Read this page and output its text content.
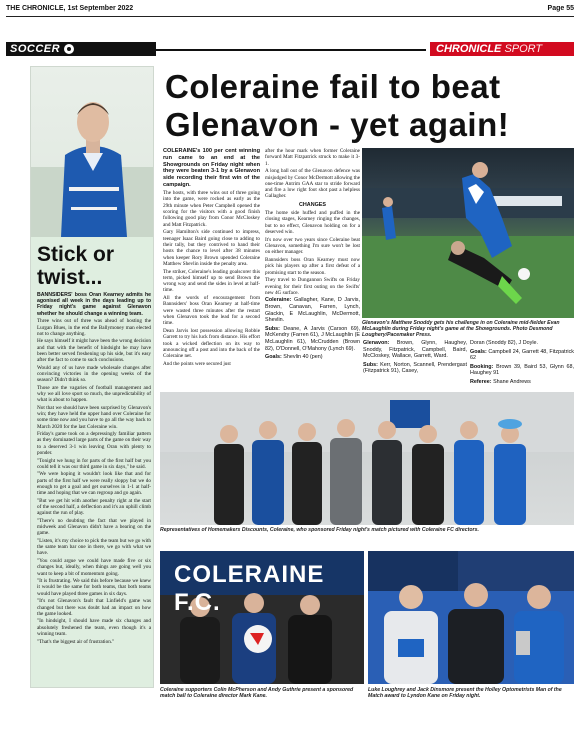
THE CHRONICLE, 1st September 2022	Page 55
SOCCER	CHRONICLE SPORT
Stick or twist...

BANNSIDERS' boss Oran Kearney admits he agonised all week in the days leading up to Friday night's game against Glenavon whether he should change a winning team.

Three wins out of three was ahead of hosting the Lurgan Blues, in the end the Ballymoney man elected not to change anything.

He says himself it might have been the wrong decision and that with the benefit of hindsight he may have been better served freshening up his side, but it's easy after the fact to come to such conclusions.

Would any of us have made wholesale changes after convincing victories in the opening weeks of the season? Didn't think so.

Those are the vagaries of football management and why we all love sport so much, the unpredictability of what is about to happen.

Not that we should have been surprised by Glenavon's win; they have held the upper hand over Coleraine for some time now and you have to go all the way back to March 2020 for the last Coleraine win.

Friday's game took on a depressingly familiar pattern as they dominated large parts of the game on their way to a deserved 3-1 win leaving Oran with plenty to ponder.

"Tonight we hung in for parts of the first half but you could tell it was our third game in six days," he said.

"We were hoping it wouldn't look like that and for parts of the first half we were really sloppy but we do enough to get a goal and get ourselves in 1-1 at half-time and hoping that we can regroup and go again.

"But we get hit with another penalty right at the start of the second half, a deflection and it's an uphill climb against the run of play.

"There's no doubting the fact that we played in midweek and Glenavon didn't have a bearing on the game.

"Listen, it's my choice to pick the team but we go with the same team bar one in there, we go with what we have.

"You could argue we could have made five or six changes but, ideally, when things are going well you want to keep a bit of momentum going.

"It is frustrating. We said this before because we knew it would be the same for both teams, that both teams would have played three games in six days.

"It's not Glenavon's fault that Linfield's game was changed but there was doubt had an impact on how the game looked.

"In hindsight, I should have made six changes and absolutely freshened the team, even though it's a winning team.

"That's the biggest air of frustration."

Coleraine fail to beat Glenavon - yet again!

COLERAINE's 100 per cent winning run came to an end at the Showgrounds on Friday night when they were beaten 3-1 by a Glenavon side recording their first win of the campaign.

The hosts, with three wins out of three going into the game, were rocked as early as the 29th minute when Peter Campbell opened the scoring for the visitors with a good finish following good play from Conor McCloskey and Matt Fitzpatrick.

Gary Hamilton's side continued to impress, teenager Isaac Baird going close to adding to their tally, but they contrived to hand their hosts the chance to level after 38 minutes when keeper Rory Brown upended Coleraine Matthew Shevlin inside the penalty area.

The striker, Coleraine's leading goalscorer this term, picked himself up to send Brown the wrong way and send the sides in level at half-time.

All the words of encouragement from Bannsiders' boss Oran Kearney at half-time were wasted three minutes after the restart when Glenavon took the lead for a second time.

Dean Jarvis lost possession allowing Robbie Garrett to try his luck from distance. His effort took a wicked deflection on its way to announcing off a post and into the back of the Coleraine net.

And the points were secured just

after the hour mark when former Coleraine forward Matt Fitzpatrick struck to make it 3-1.

A long ball out of the Glenavon defence was misjudged by Conor McDermott allowing the one-time Antrim GAA star to stride forward and fire a low right foot shot past a helpless Gallagher.

CHANGES

The home side huffed and puffed in the closing stages, Kearney ringing the changes, but to no effect, Glenavon holding on for a deserved win.

It's now over two years since Coleraine beat Glenavon, something I'm sure won't be lost on either manager.

Bannsiders boss Oran Kearney must now pick his players up after a first defeat of a promising start to the season.

They travel to Dungannon Swifts on Friday evening for their first outing on the Swifts' new 4G surface.

Coleraine: Gallagher, Kane, D Jarvis, Brown, Canavan, Farren, Lynch, Glackin, E McLaughlin, McDermott, Shevlin.
Subs: Deane, A Jarvis (Carson 69), McKendry (Farren 61), J McLaughlin (E McLaughlin 61), McCrudden (Brown 82), O'Donnell, O'Mahony (Lynch 69).
Goals: Shevlin 40 (pen)
Glenavon's Matthew Snoddy gets his challenge in on Coleraine mid-fielder Evan McLaughlin during Friday night's game at the Showgrounds. Photo Desmond Loughery/Pacemaker Press.
Glenavon: Brown, Glynn, Haughey, Snoddy, Fitzpatrick, Campbell, Baird, McCloskey, Wallace, Garrett, Ward.
Subs: Kerr, Norton, Scannell, Prendergast (Fitzpatrick 91), Casey,
Doran (Snoddy 82), J Doyle.
Goals: Campbell 24, Garrett 48, Fitzpatrick 62
Booking: Brown 39, Baird 53, Glynn 68, Haughey 91
Referee: Shane Andrews
Representatives of Homemakers Discounts, Coleraine, who sponsored Friday night's match pictured with Coleraine FC directors.
COLERAINE F.C.
Coleraine supporters Colin McPherson and Andy Guthrie present a sponsored match ball to Coleraine director Mark Kane.
Luke Loughrey and Jack Dinsmore present the Holley Optometrists Man of the Match award to Lyndon Kane on Friday night.
